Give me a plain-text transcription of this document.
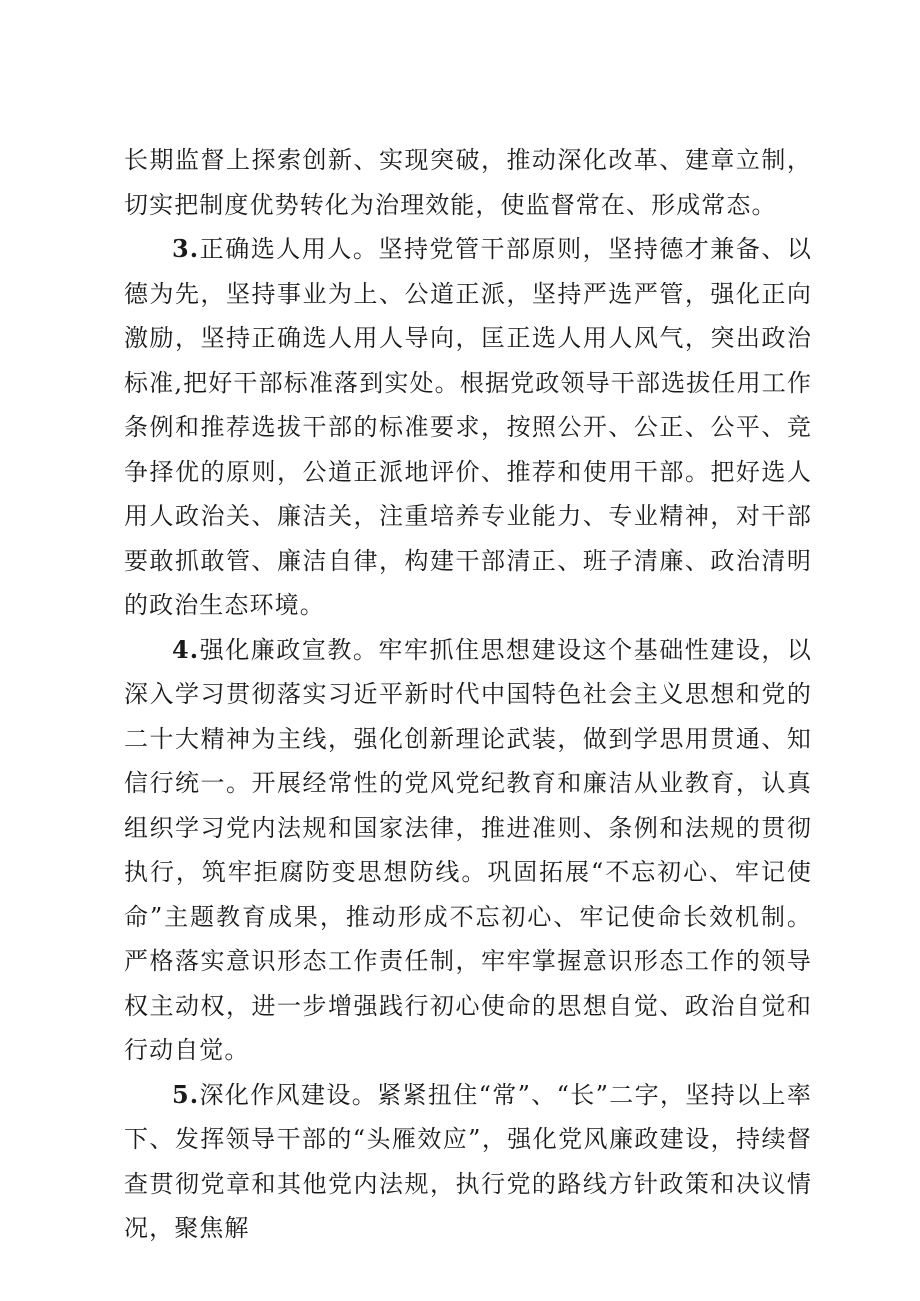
长期监督上探索创新、实现突破，推动深化改革、建章立制，切实把制度优势转化为治理效能，使监督常在、形成常态。

3.正确选人用人。坚持党管干部原则，坚持德才兼备、以德为先，坚持事业为上、公道正派，坚持严选严管，强化正向激励，坚持正确选人用人导向，匡正选人用人风气，突出政治标准,把好干部标准落到实处。根据党政领导干部选拔任用工作条例和推荐选拔干部的标准要求，按照公开、公正、公平、竞争择优的原则，公道正派地评价、推荐和使用干部。把好选人用人政治关、廉洁关，注重培养专业能力、专业精神，对干部要敢抓敢管、廉洁自律，构建干部清正、班子清廉、政治清明的政治生态环境。

4.强化廉政宣教。牢牢抓住思想建设这个基础性建设，以深入学习贯彻落实习近平新时代中国特色社会主义思想和党的二十大精神为主线，强化创新理论武装，做到学思用贯通、知信行统一。开展经常性的党风党纪教育和廉洁从业教育，认真组织学习党内法规和国家法律，推进准则、条例和法规的贯彻执行，筑牢拒腐防变思想防线。巩固拓展“不忘初心、牢记使命”主题教育成果，推动形成不忘初心、牢记使命长效机制。严格落实意识形态工作责任制，牢牢掌握意识形态工作的领导权主动权，进一步增强践行初心使命的思想自觉、政治自觉和行动自觉。

5.深化作风建设。紧紧扭住“常”、“长”二字，坚持以上率下、发挥领导干部的“头雁效应”，强化党风廉政建设，持续督查贯彻党章和其他党内法规，执行党的路线方针政策和决议情况，聚焦解
